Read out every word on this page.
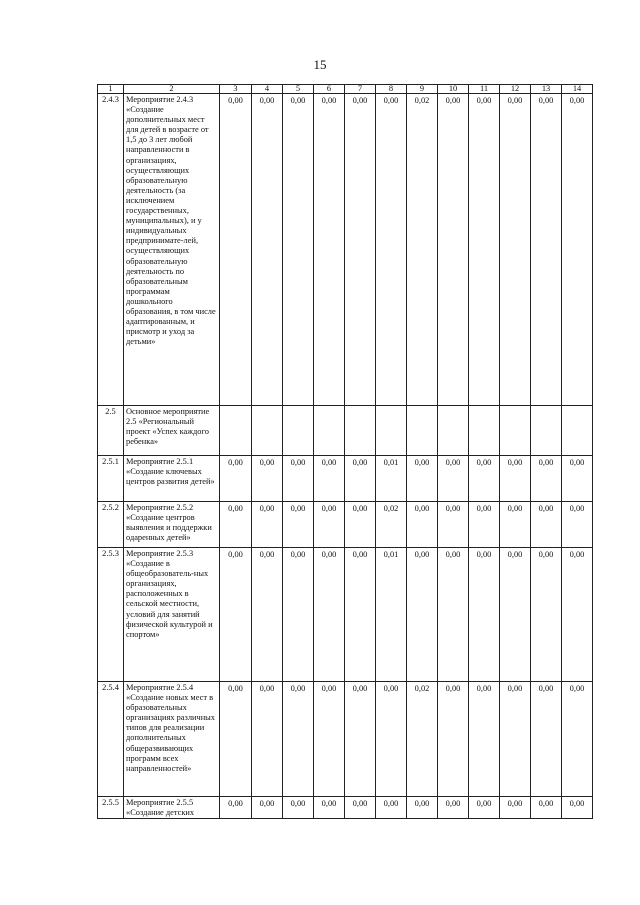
15
1	2	3	4	5	6	7	8	9	10	11	12	13	14
2.4.3	Мероприятие 2.4.3 «Создание дополнительных мест для детей в возрасте от 1,5 до 3 лет любой направленности в организациях, осуществляющих образовательную деятельность (за исключением государственных, муниципальных), и у индивидуальных предпринимате-лей, осуществляющих образовательную деятельность по образовательным программам дошкольного образования, в том числе адаптированным, и присмотр и уход за детьми»	0,00	0,00	0,00	0,00	0,00	0,00	0,02	0,00	0,00	0,00	0,00	0,00
2.5	Основное мероприятие 2.5 «Региональный проект «Успех каждого ребенка»												
2.5.1	Мероприятие 2.5.1 «Создание ключевых центров развития детей»	0,00	0,00	0,00	0,00	0,00	0,01	0,00	0,00	0,00	0,00	0,00	0,00
2.5.2	Мероприятие 2.5.2 «Создание центров выявления и поддержки одаренных детей»	0,00	0,00	0,00	0,00	0,00	0,02	0,00	0,00	0,00	0,00	0,00	0,00
2.5.3	Мероприятие 2.5.3 «Создание в общеобразователь-ных организациях, расположенных в сельской местности, условий для занятий физической культурой и спортом»	0,00	0,00	0,00	0,00	0,00	0,01	0,00	0,00	0,00	0,00	0,00	0,00
2.5.4	Мероприятие 2.5.4 «Создание новых мест в образовательных организациях различных типов для реализации дополнительных общеразвивающих программ всех направленностей»	0,00	0,00	0,00	0,00	0,00	0,00	0,02	0,00	0,00	0,00	0,00	0,00
2.5.5	Мероприятие 2.5.5 «Создание детских	0,00	0,00	0,00	0,00	0,00	0,00	0,00	0,00	0,00	0,00	0,00	0,00
